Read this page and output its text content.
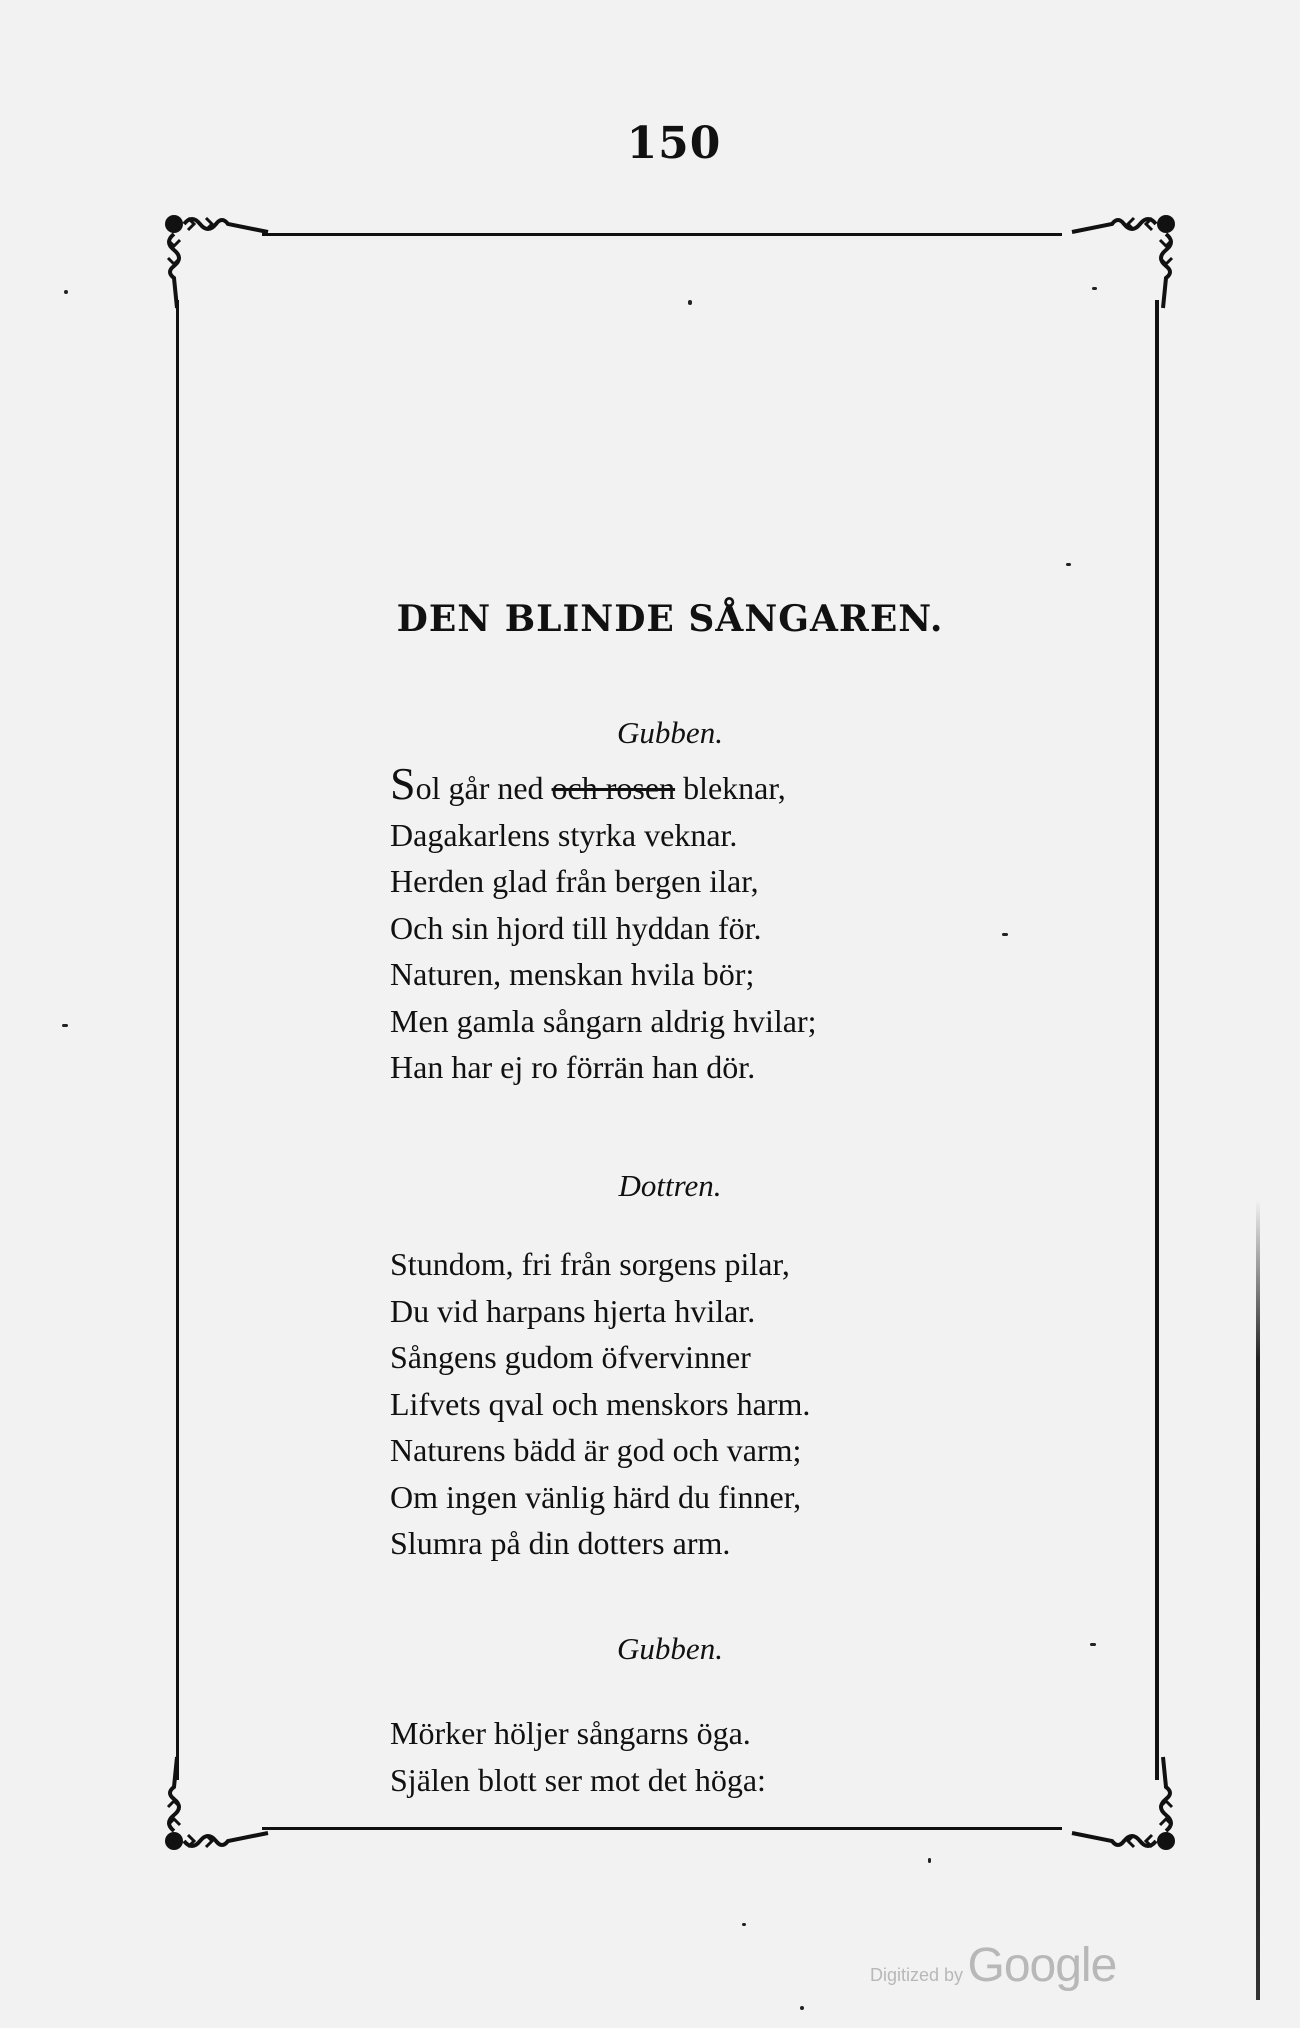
150
DEN BLINDE SÅNGAREN.
Gubben.
Sol går ned och rosen bleknar,
Dagakarlens styrka veknar.
Herden glad från bergen ilar,
Och sin hjord till hyddan för.
Naturen, menskan hvila bör;
Men gamla sångarn aldrig hvilar;
Han har ej ro förrän han dör.
Dottren.
Stundom, fri från sorgens pilar,
Du vid harpans hjerta hvilar.
Sångens gudom öfvervinner
Lifvets qval och menskors harm.
Naturens bädd är god och varm;
Om ingen vänlig härd du finner,
Slumra på din dotters arm.
Gubben.
Mörker höljer sångarns öga.
Själen blott ser mot det höga:
Digitized by Google
